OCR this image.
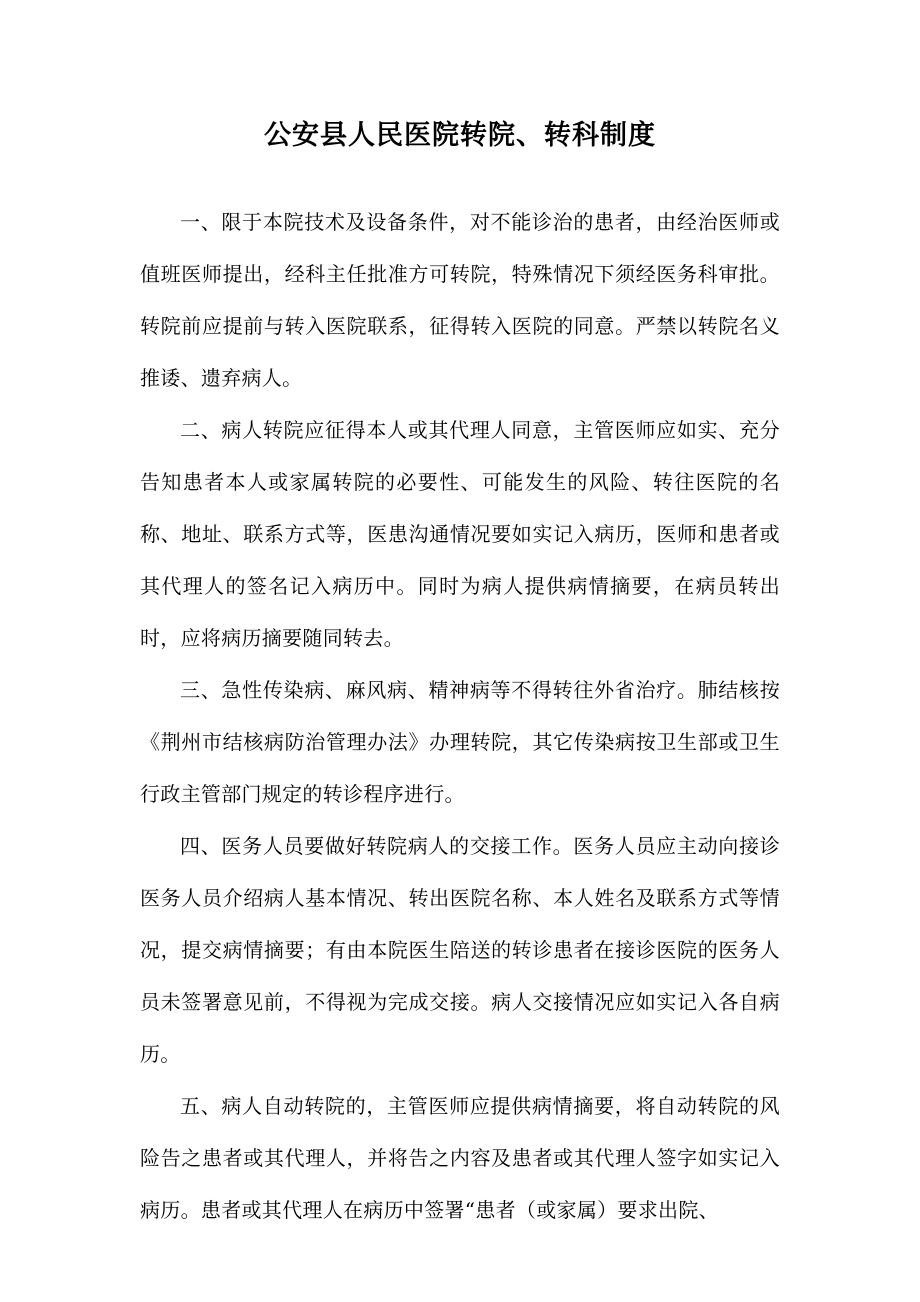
公安县人民医院转院、转科制度

一、限于本院技术及设备条件，对不能诊治的患者，由经治医师或值班医师提出，经科主任批准方可转院，特殊情况下须经医务科审批。转院前应提前与转入医院联系，征得转入医院的同意。严禁以转院名义推诿、遗弃病人。

二、病人转院应征得本人或其代理人同意，主管医师应如实、充分告知患者本人或家属转院的必要性、可能发生的风险、转往医院的名称、地址、联系方式等，医患沟通情况要如实记入病历，医师和患者或其代理人的签名记入病历中。同时为病人提供病情摘要，在病员转出时，应将病历摘要随同转去。

三、急性传染病、麻风病、精神病等不得转往外省治疗。肺结核按《荆州市结核病防治管理办法》办理转院，其它传染病按卫生部或卫生行政主管部门规定的转诊程序进行。

四、医务人员要做好转院病人的交接工作。医务人员应主动向接诊医务人员介绍病人基本情况、转出医院名称、本人姓名及联系方式等情况，提交病情摘要；有由本院医生陪送的转诊患者在接诊医院的医务人员未签署意见前，不得视为完成交接。病人交接情况应如实记入各自病历。

五、病人自动转院的，主管医师应提供病情摘要，将自动转院的风险告之患者或其代理人，并将告之内容及患者或其代理人签字如实记入病历。患者或其代理人在病历中签署“患者（或家属）要求出院、
